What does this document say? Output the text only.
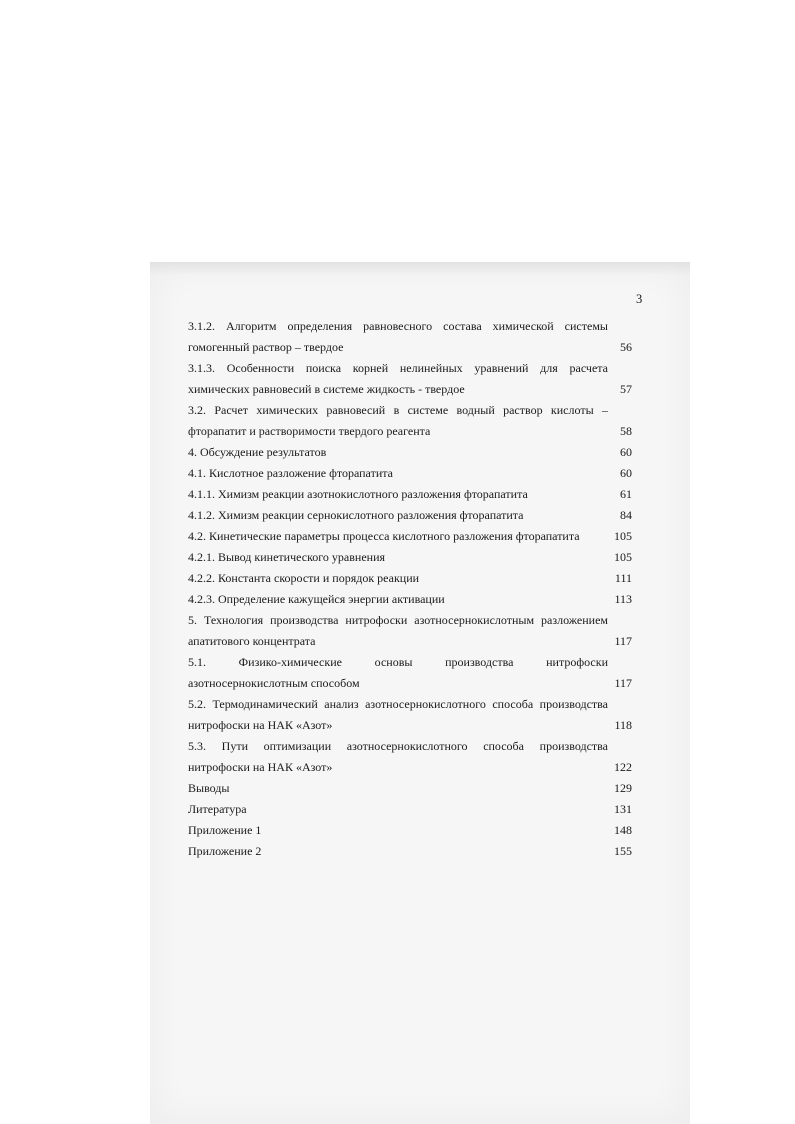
3
3.1.2. Алгоритм определения равновесного состава химической системы
гомогенный раствор – твердое	56
3.1.3. Особенности поиска корней нелинейных уравнений для расчета
химических равновесий в системе жидкость - твердое	57
3.2. Расчет химических равновесий в системе водный раствор кислоты –
фторапатит и растворимости твердого реагента	58
4. Обсуждение результатов	60
4.1. Кислотное разложение фторапатита	60
4.1.1. Химизм реакции азотнокислотного разложения фторапатита	61
4.1.2. Химизм реакции сернокислотного разложения фторапатита	84
4.2. Кинетические параметры процесса кислотного разложения фторапатита	105
4.2.1. Вывод кинетического уравнения	105
4.2.2. Константа скорости и порядок реакции	111
4.2.3. Определение кажущейся энергии активации	113
5. Технология производства нитрофоски азотносернокислотным разложением
апатитового концентрата	117
5.1. Физико-химические основы производства нитрофоски
азотносернокислотным способом	117
5.2. Термодинамический анализ азотносернокислотного способа производства
нитрофоски на НАК «Азот»	118
5.3. Пути оптимизации азотносернокислотного способа производства
нитрофоски на НАК «Азот»	122
Выводы	129
Литература	131
Приложение 1	148
Приложение 2	155
